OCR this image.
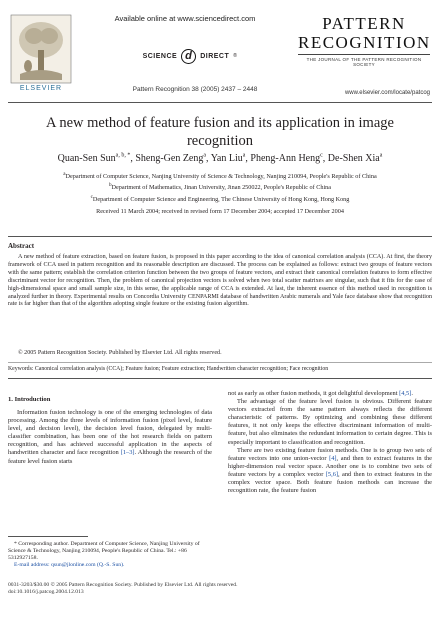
ELSEVIER
Available online at www.sciencedirect.com
SCIENCE d	DIRECT ®
Pattern Recognition 38 (2005) 2437 – 2448
PATTERN
RECOGNITION
THE JOURNAL OF THE PATTERN RECOGNITION SOCIETY
www.elsevier.com/locate/patcog
A new method of feature fusion and its application in image
recognition
Quan-Sen Sun$^{a, b, *}$, Sheng-Gen Zeng$^a$, Yan Liu$^a$, Pheng-Ann Heng$^c$, De-Shen Xia$^a$
$^a$Department of Computer Science, Nanjing University of Science & Technology, Nanjing 210094, People's Republic of China
$^b$Department of Mathematics, Jinan University, Jinan 250022, People's Republic of China
$^c$Department of Computer Science and Engineering, The Chinese University of Hong Kong, Hong Kong
Received 11 March 2004; received in revised form 17 December 2004; accepted 17 December 2004
Abstract
A new method of feature extraction, based on feature fusion, is proposed in this paper according to the idea of canonical correlation analysis (CCA). At first, the theory framework of CCA used in pattern recognition and its reasonable description are discussed. The process can be explained as follows: extract two groups of feature vectors with the same pattern; establish the correlation criterion function between the two groups of feature vectors, and extract their canonical correlation features to form effective discriminant vector for recognition. Then, the problem of canonical projection vectors is solved when two total scatter matrixes are singular, such that it fits for the case of high-dimensional space and small sample size, in this sense, the applicable range of CCA is extended. At last, the inherent essence of this method used in recognition is analyzed further in theory. Experimental results on Concordia University CENPARMI database of handwritten Arabic numerals and Yale face database show that recognition rate is far higher than that of the algorithm adopting single feature or the existing fusion algorithm.
© 2005 Pattern Recognition Society. Published by Elsevier Ltd. All rights reserved.
Keywords: Canonical correlation analysis (CCA); Feature fusion; Feature extraction; Handwritten character recognition; Face recognition
1. Introduction

Information fusion technology is one of the emerging technologies of data processing. Among the three levels of information fusion (pixel level, feature level, and decision level), the decision level fusion, delegated by multi-classifier combination, has been one of the hot research fields on pattern recognition, and has achieved successful application in the aspects of handwritten character and face recognition [1–3]. Although the research of the feature level fusion starts

not as early as other fusion methods, it got delightful development [4,5].

The advantage of the feature level fusion is obvious. Different feature vectors extracted from the same pattern always reflects the different characteristic of patterns. By optimizing and combining these different features, it not only keeps the effective discriminant information of multi-feature, but also eliminates the redundant information to certain degree. This is especially important to classification and recognition.

There are two existing feature fusion methods. One is to group two sets of feature vectors into one union-vector [4], and then to extract features in the higher-dimension real vector space. Another one is to combine two sets of feature vectors by a complex vector [5,6], and then to extract features in the complex vector space. Both feature fusion methods can increase the recognition rate, the feature fusion

* Corresponding author. Department of Computer Science, Nanjing University of Science & Technology, Nanjing 210094, People's Republic of China. Tel.: +86 5312927158.
E-mail address: qsun@jlonline.com (Q.-S. Sun).
0031-3203/$30.00 © 2005 Pattern Recognition Society. Published by Elsevier Ltd. All rights reserved.
doi:10.1016/j.patcog.2004.12.013
